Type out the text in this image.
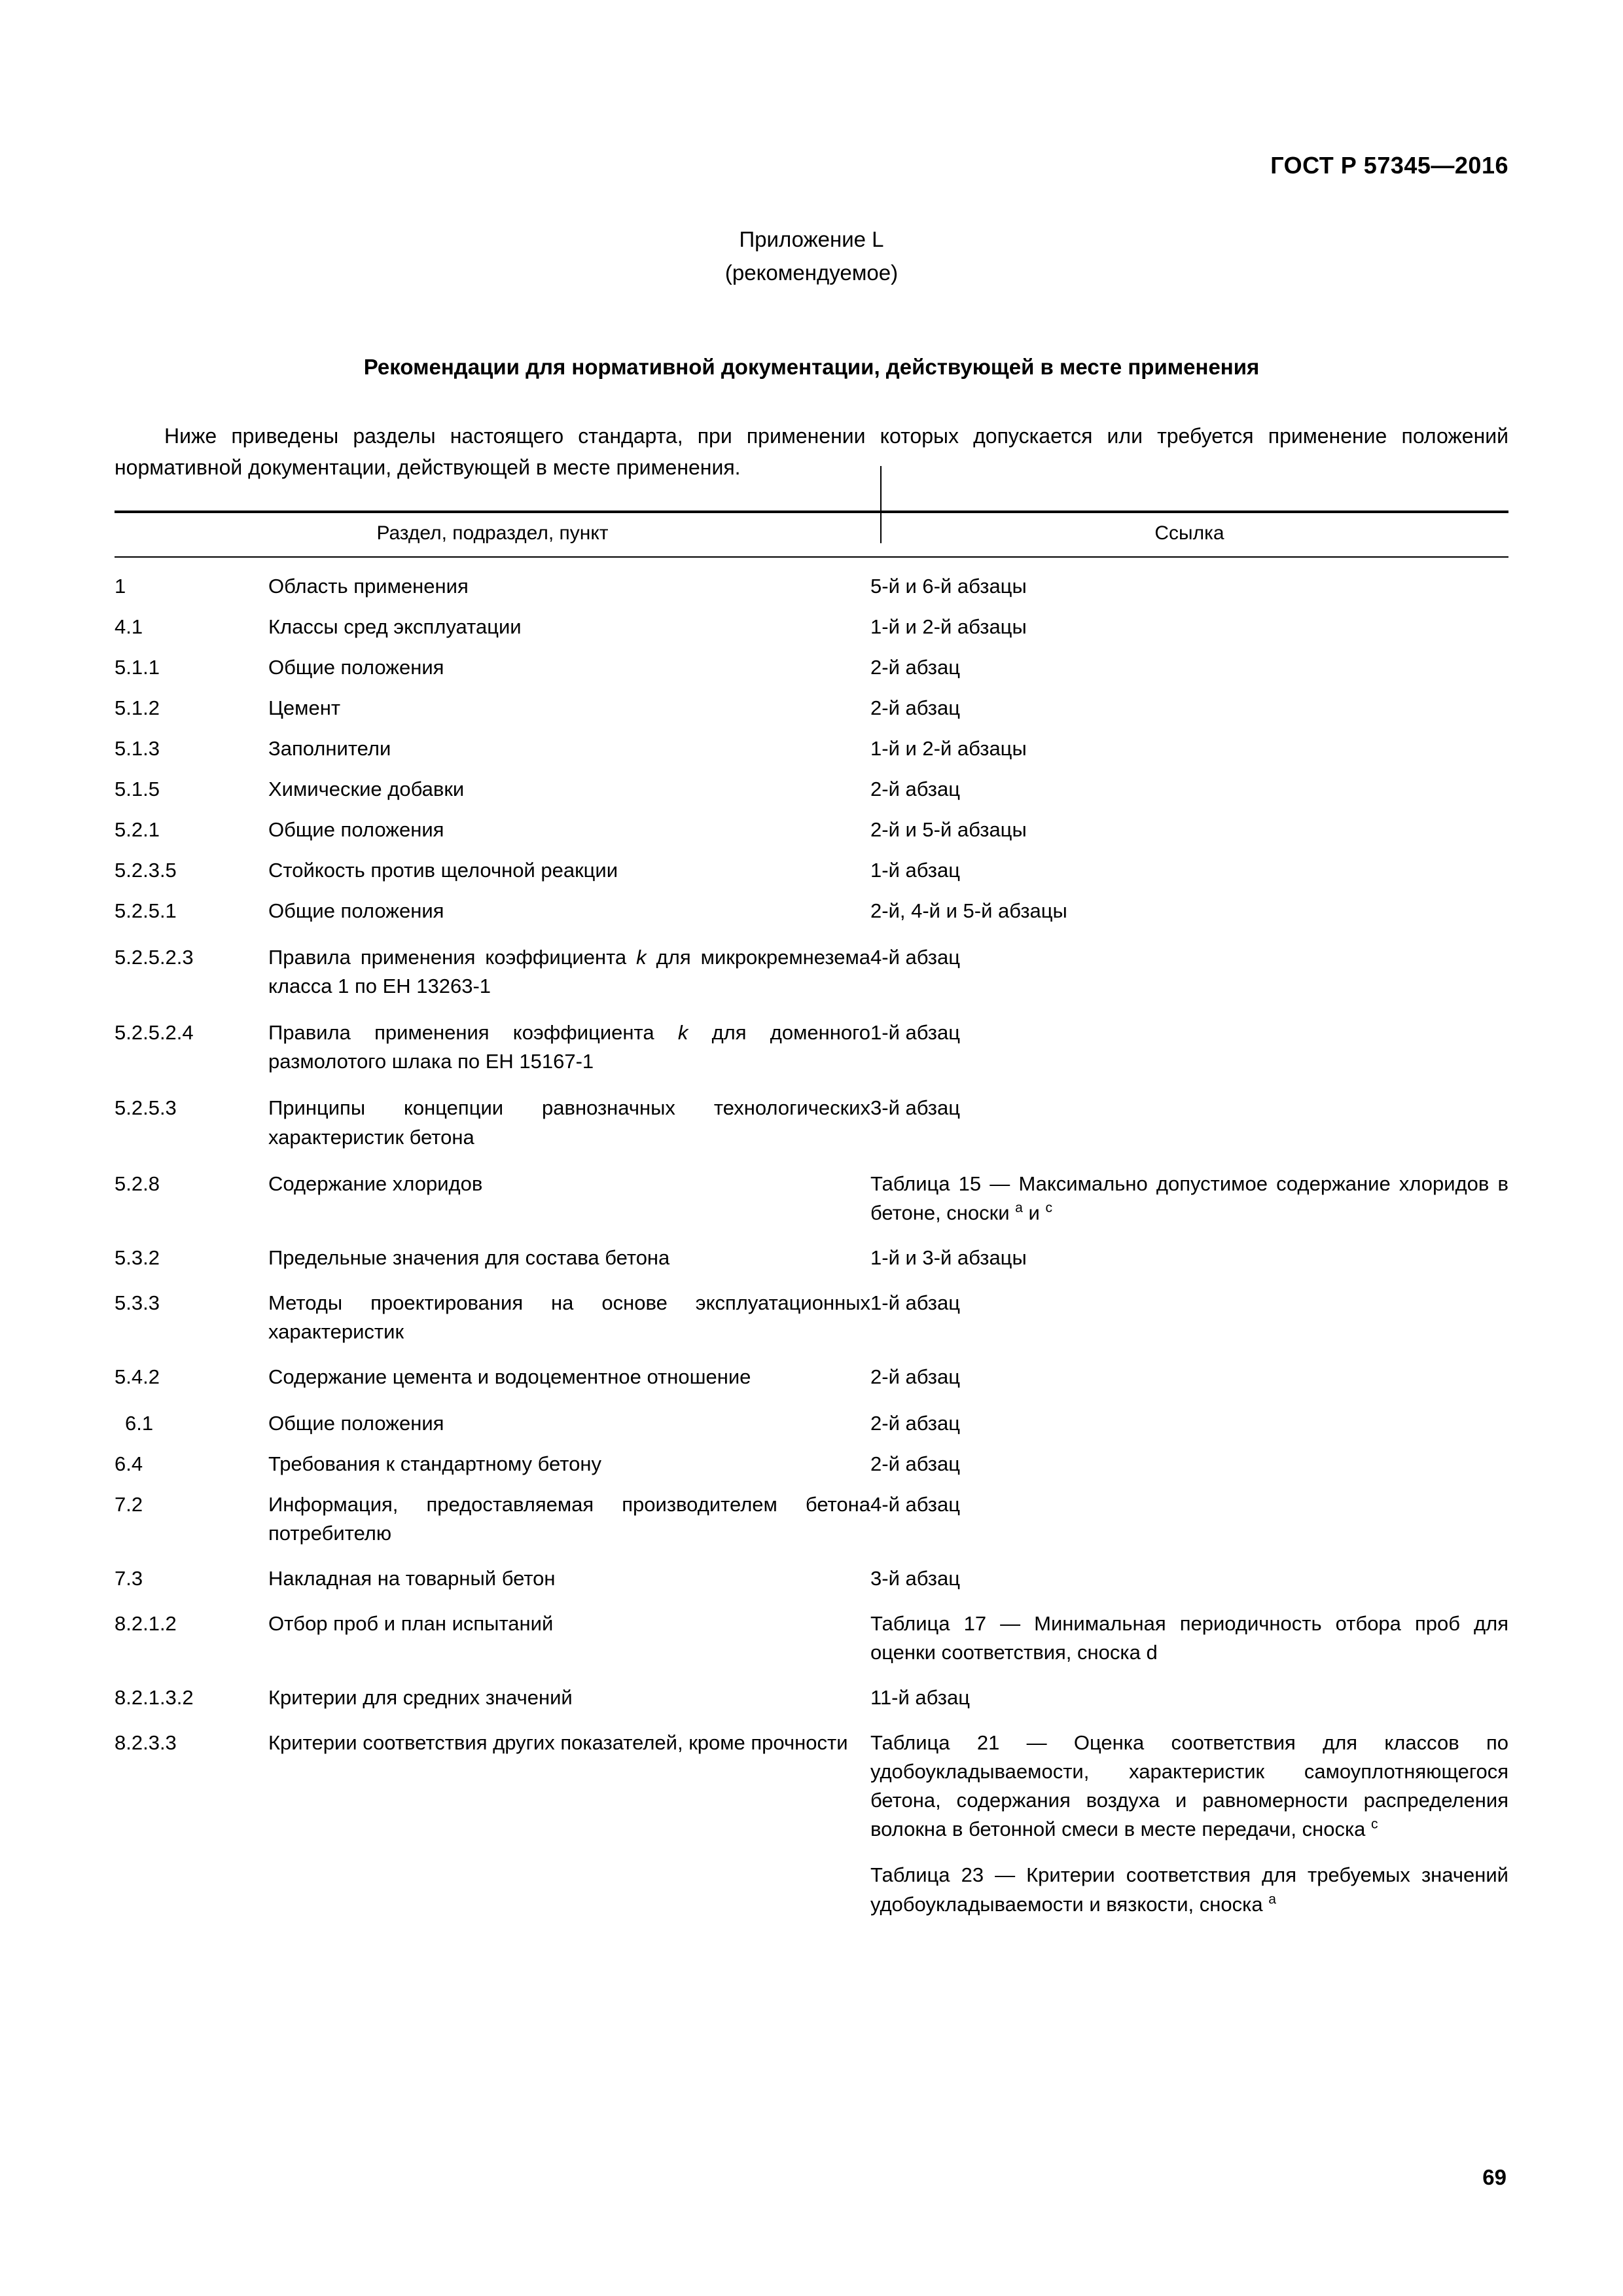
ГОСТ Р 57345—2016
Приложение L
(рекомендуемое)
Рекомендации для нормативной документации, действующей в месте применения
Ниже приведены разделы настоящего стандарта, при применении которых допускается или требуется применение положений нормативной документации, действующей в месте применения.
Раздел, подраздел, пункт		Ссылка
1	Область применения	5-й и 6-й абзацы
4.1	Классы сред эксплуатации	1-й и 2-й абзацы
5.1.1	Общие положения	2-й абзац
5.1.2	Цемент	2-й абзац
5.1.3	Заполнители	1-й и 2-й абзацы
5.1.5	Химические добавки	2-й абзац
5.2.1	Общие положения	2-й и 5-й абзацы
5.2.3.5	Стойкость против щелочной реакции	1-й абзац
5.2.5.1	Общие положения	2-й, 4-й и 5-й абзацы
5.2.5.2.3	Правила применения коэффициента k для микрокремнезема класса 1 по ЕН 13263-1	4-й абзац
5.2.5.2.4	Правила применения коэффициента k для доменного размолотого шлака по ЕН 15167-1	1-й абзац
5.2.5.3	Принципы концепции равнозначных технологических характеристик бетона	3-й абзац
5.2.8	Содержание хлоридов	Таблица 15 — Максимально допустимое содержание хлоридов в бетоне, сноски $^a$ и $^c$
5.3.2	Предельные значения для состава бетона	1-й и 3-й абзацы
5.3.3	Методы проектирования на основе эксплуатационных характеристик	1-й абзац
5.4.2	Содержание цемента и водоцементное отношение	2-й абзац
6.1	Общие положения	2-й абзац
6.4	Требования к стандартному бетону	2-й абзац
7.2	Информация, предоставляемая производителем бетона потребителю	4-й абзац
7.3	Накладная на товарный бетон	3-й абзац
8.2.1.2	Отбор проб и план испытаний	Таблица 17 — Минимальная периодичность отбора проб для оценки соответствия, сноска d
8.2.1.3.2	Критерии для средних значений	11-й абзац
8.2.3.3	Критерии соответствия других показателей, кроме прочности	Таблица 21 — Оценка соответствия для классов по удобоукладываемости, характеристик самоуплотняющегося бетона, содержания воздуха и равномерности распределения волокна в бетонной смеси в месте передачи, сноска $^c$
Таблица 23 — Критерии соответствия для требуемых значений удобоукладываемости и вязкости, сноска $^a$
69
